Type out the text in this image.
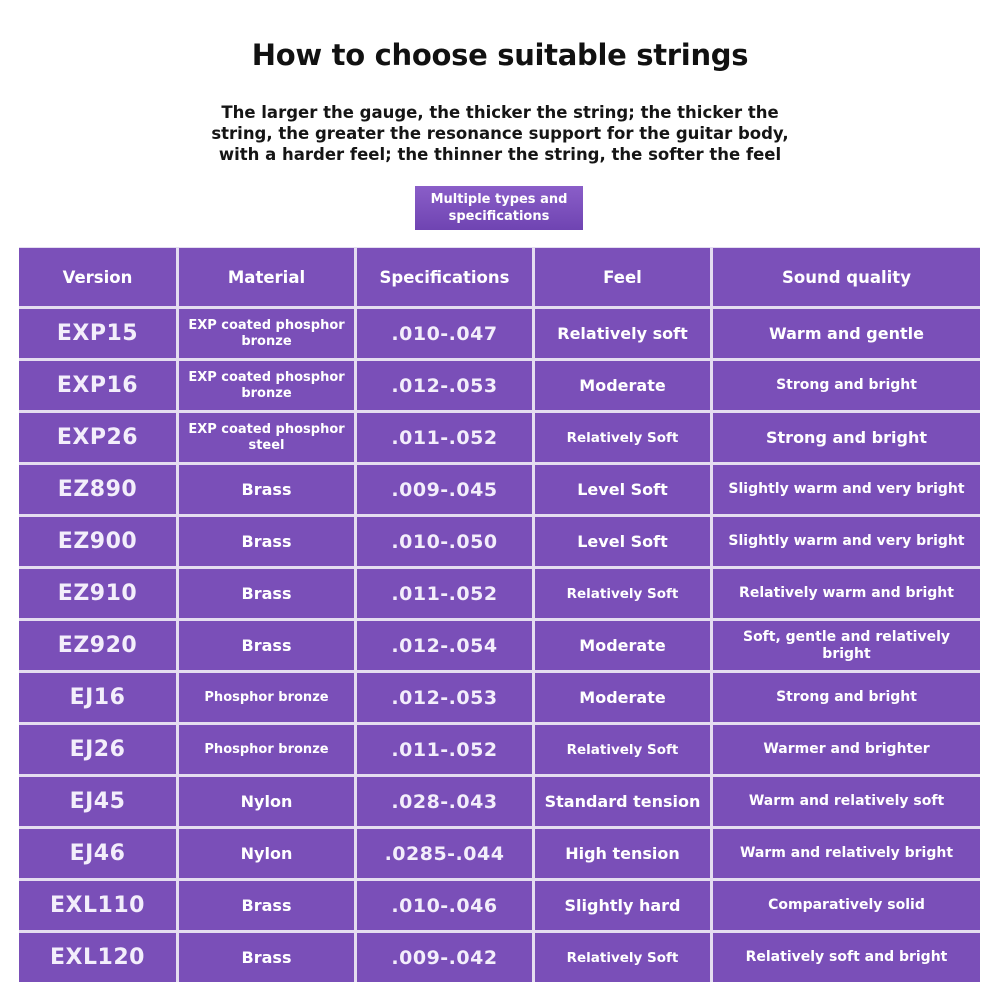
How to choose suitable strings
The larger the gauge, the thicker the string; the thicker the string, the greater the resonance support for the guitar body, with a harder feel; the thinner the string, the softer the feel
Multiple types and specifications
Version	Material	Specifications	Feel	Sound quality
EXP15	EXP coated phosphor bronze	.010-.047	Relatively soft	Warm and gentle
EXP16	EXP coated phosphor bronze	.012-.053	Moderate	Strong and bright
EXP26	EXP coated phosphor steel	.011-.052	Relatively Soft	Strong and bright
EZ890	Brass	.009-.045	Level Soft	Slightly warm and very bright
EZ900	Brass	.010-.050	Level Soft	Slightly warm and very bright
EZ910	Brass	.011-.052	Relatively Soft	Relatively warm and bright
EZ920	Brass	.012-.054	Moderate	Soft, gentle and relatively bright
EJ16	Phosphor bronze	.012-.053	Moderate	Strong and bright
EJ26	Phosphor bronze	.011-.052	Relatively Soft	Warmer and brighter
EJ45	Nylon	.028-.043	Standard tension	Warm and relatively soft
EJ46	Nylon	.0285-.044	High tension	Warm and relatively bright
EXL110	Brass	.010-.046	Slightly hard	Comparatively solid
EXL120	Brass	.009-.042	Relatively Soft	Relatively soft and bright
